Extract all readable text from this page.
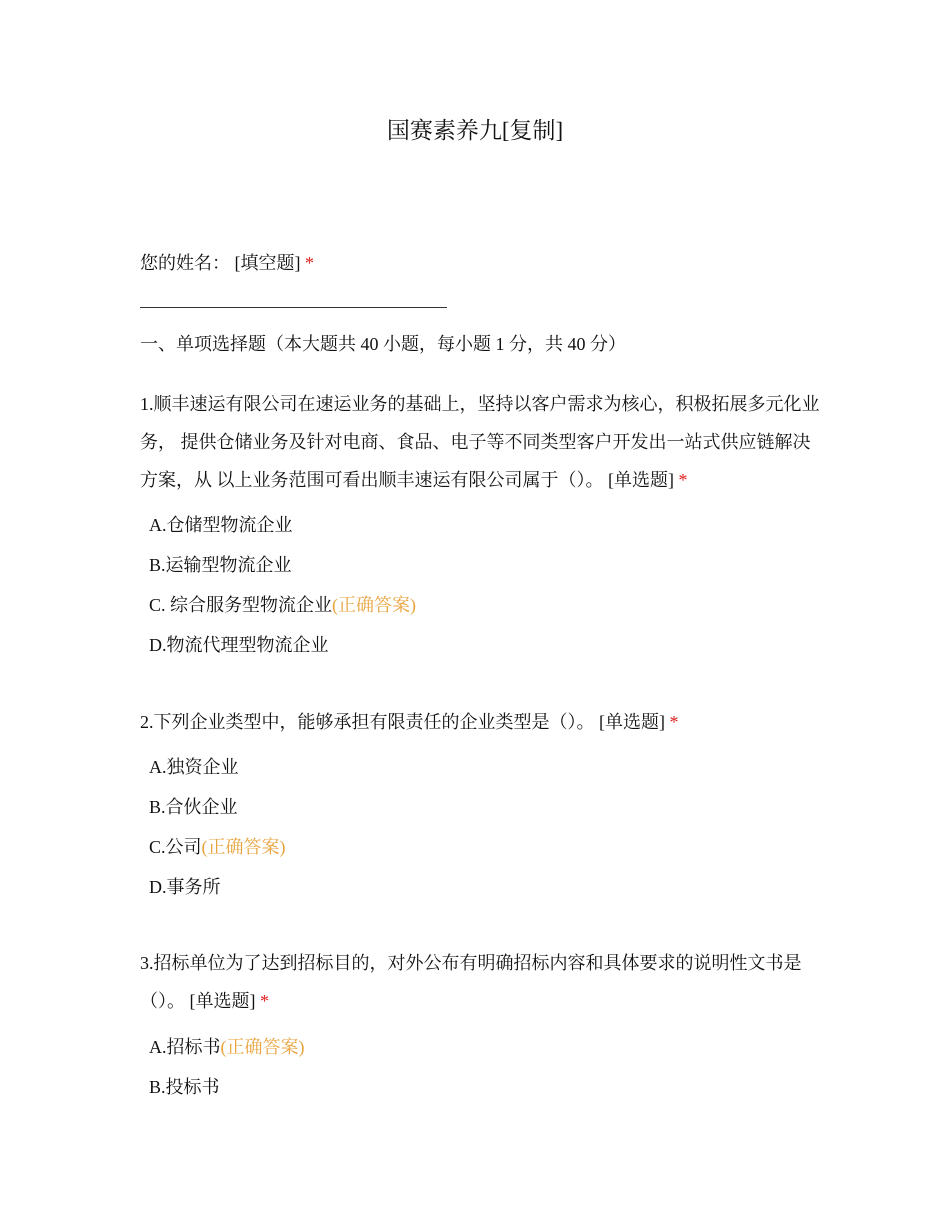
国赛素养九[复制]
您的姓名： [填空题] *
一、单项选择题（本大题共 40 小题，每小题 1 分，共 40 分）
1.顺丰速运有限公司在速运业务的基础上，坚持以客户需求为核心，积极拓展多元化业务， 提供仓储业务及针对电商、食品、电子等不同类型客户开发出一站式供应链解决方案，从 以上业务范围可看出顺丰速运有限公司属于（）。 [单选题] *
A.仓储型物流企业
B.运输型物流企业
C. 综合服务型物流企业(正确答案)
D.物流代理型物流企业
2.下列企业类型中，能够承担有限责任的企业类型是（）。 [单选题] *
A.独资企业
B.合伙企业
C.公司(正确答案)
D.事务所
3.招标单位为了达到招标目的，对外公布有明确招标内容和具体要求的说明性文书是（）。 [单选题] *
A.招标书(正确答案)
B.投标书
